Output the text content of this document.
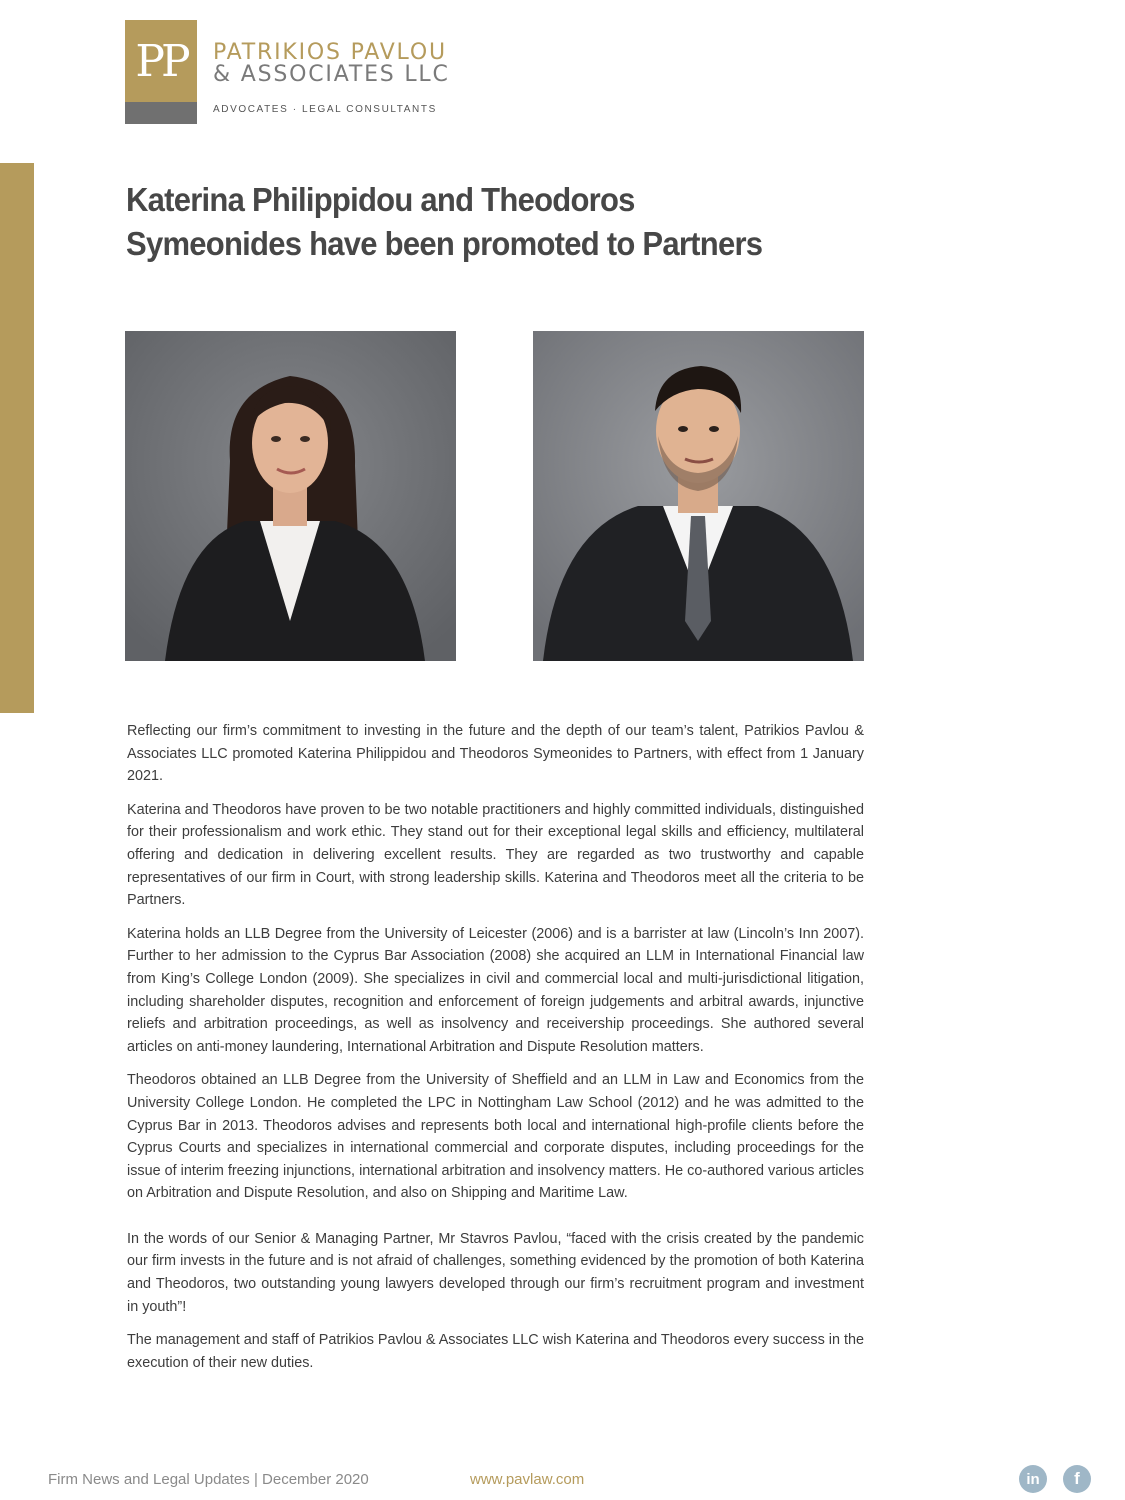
PP	PATRIKIOS PAVLOU
& ASSOCIATES LLC
ADVOCATES · LEGAL CONSULTANTS
Katerina Philippidou and Theodoros
Symeonides have been promoted to Partners

Reflecting our firm’s commitment to investing in the future and the depth of our team’s talent, Patrikios Pavlou & Associates LLC promoted Katerina Philippidou and Theodoros Symeonides to Partners, with effect from 1 January 2021.

Katerina and Theodoros have proven to be two notable practitioners and highly committed individuals, distinguished for their professionalism and work ethic. They stand out for their exceptional legal skills and efficiency, multilateral offering and dedication in delivering excellent results. They are regarded as two trustworthy and capable representatives of our firm in Court, with strong leadership skills. Katerina and Theodoros meet all the criteria to be Partners.

Katerina holds an LLB Degree from the University of Leicester (2006) and is a barrister at law (Lincoln’s Inn 2007). Further to her admission to the Cyprus Bar Association (2008) she acquired an LLM in International Financial law from King’s College London (2009). She specializes in civil and commercial local and multi-jurisdictional litigation, including shareholder disputes, recognition and enforcement of foreign judgements and arbitral awards, injunctive reliefs and arbitration proceedings, as well as insolvency and receivership proceedings. She authored several articles on anti-money laundering, International Arbitration and Dispute Resolution matters.

Theodoros obtained an LLB Degree from the University of Sheffield and an LLM in Law and Economics from the University College London. He completed the LPC in Nottingham Law School (2012) and he was admitted to the Cyprus Bar in 2013. Theodoros advises and represents both local and international high-profile clients before the Cyprus Courts and specializes in international commercial and corporate disputes, including proceedings for the issue of interim freezing injunctions, international arbitration and insolvency matters. He co-authored various articles on Arbitration and Dispute Resolution, and also on Shipping and Maritime Law.

In the words of our Senior & Managing Partner, Mr Stavros Pavlou, “faced with the crisis created by the pandemic our firm invests in the future and is not afraid of challenges, something evidenced by the promotion of both Katerina and Theodoros, two outstanding young lawyers developed through our firm’s recruitment program and investment in youth”!

The management and staff of Patrikios Pavlou & Associates LLC wish Katerina and Theodoros every success in the execution of their new duties.

Firm News and Legal Updates | December 2020	www.pavlaw.com	in	f
